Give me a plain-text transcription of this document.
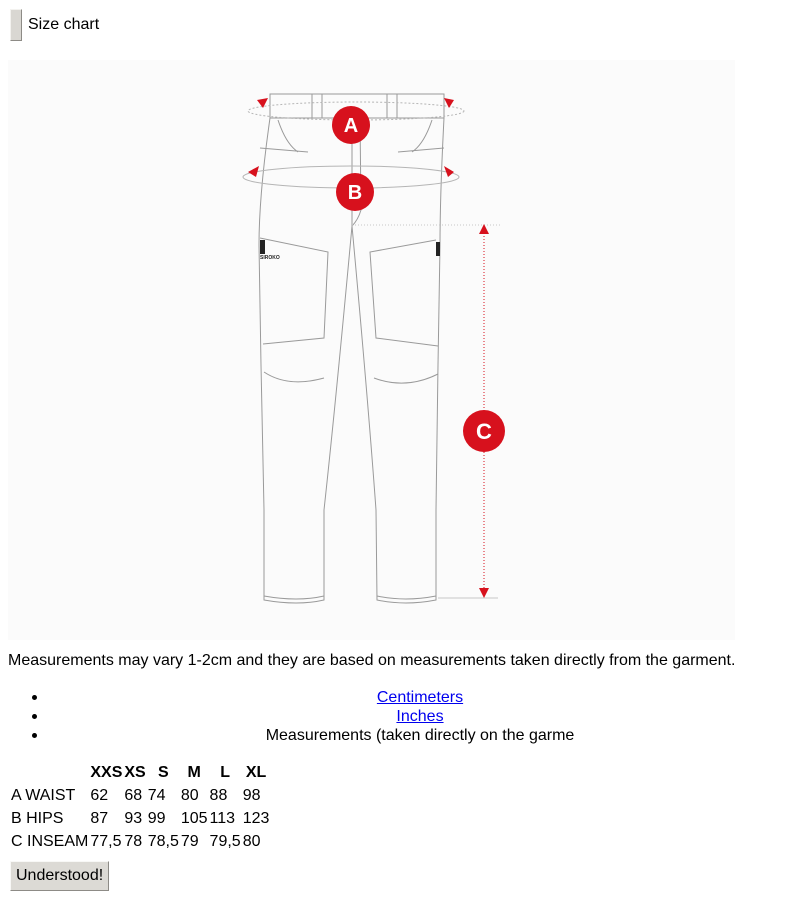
Size chart
SIROKO
A
B
C
Measurements may vary 1-2cm and they are based on measurements taken directly from the garment.
Centimeters
Inches
Measurements (taken directly on the garme
	XXS	XS	S	M	L	XL
A WAIST	62	68	74	80	88	98
B HIPS	87	93	99	105	113	123
C INSEAM	77,5	78	78,5	79	79,5	80
Understood!
